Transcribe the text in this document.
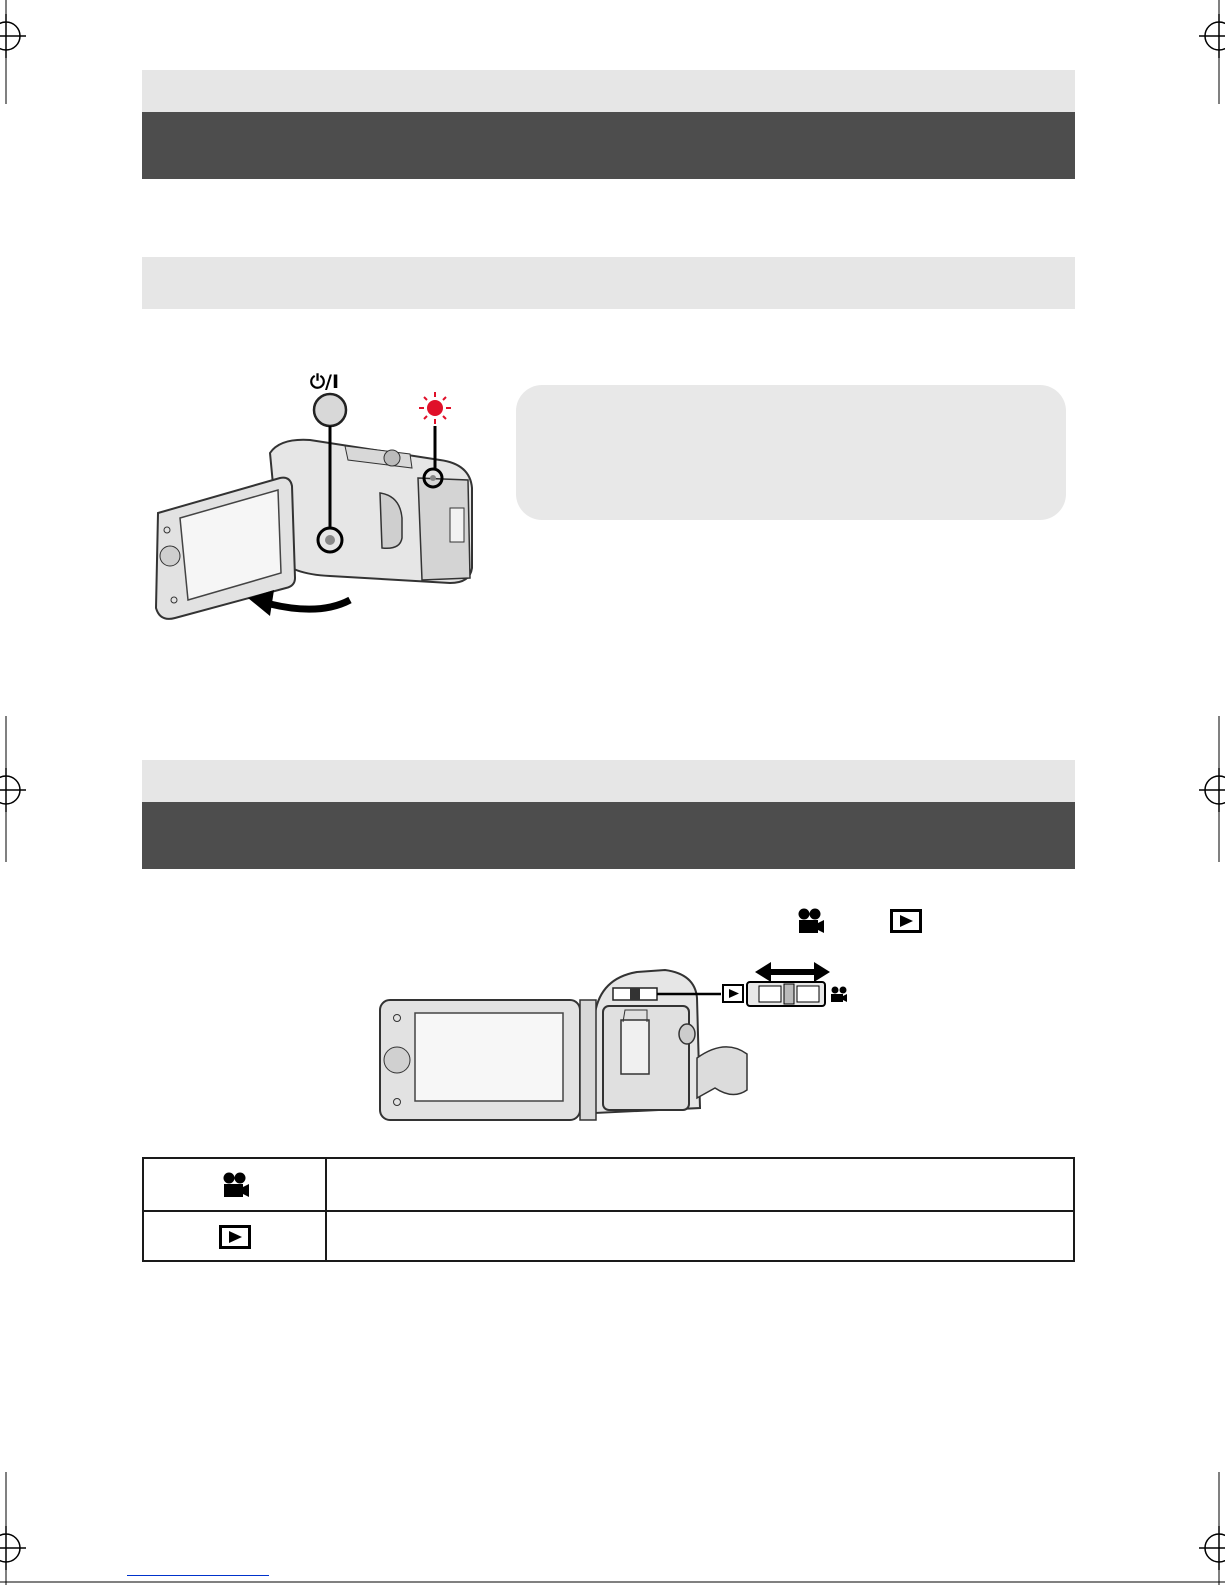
⏻/I
